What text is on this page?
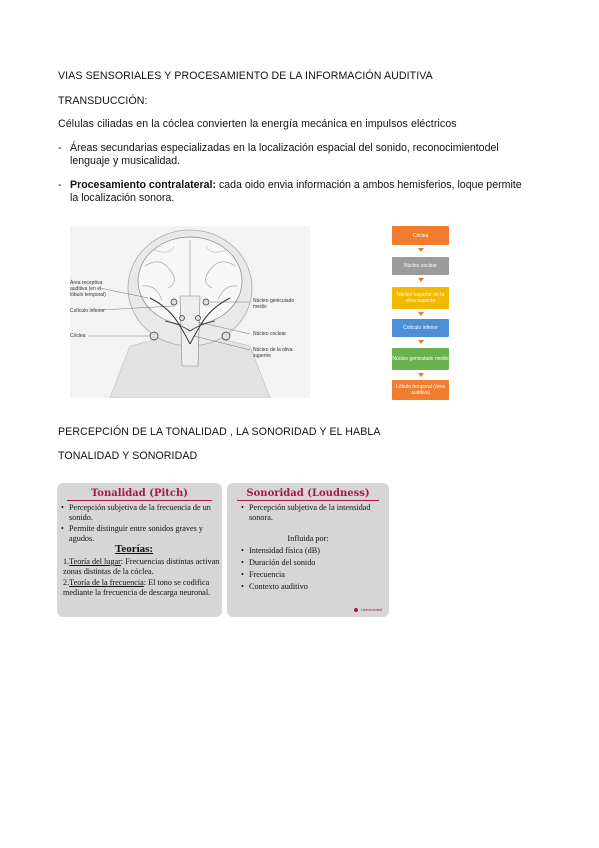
VIAS SENSORIALES Y PROCESAMIENTO DE LA INFORMACIÓN AUDITIVA
TRANSDUCCIÓN:
Células ciliadas en la cóclea convierten la energía mecánica en impulsos eléctricos
- Áreas secundarias especializadas en la localización espacial del sonido, reconocimientodel lenguaje y musicalidad.
- Procesamiento contralateral: cada oido envia información a ambos hemisferios, loque permite la localización sonora.
Área receptiva auditiva (en el lóbulo temporal)
Colículo inferior
Cóclea
Núcleo geniculado medio
Núcleo coclear
Núcleo de la oliva superior
Cóclea
Núcleo coclear
Núcleo superior de la oliva superior
Colículo inferior
Núcleo geniculado medio
Lóbulo temporal (área auditiva)
PERCEPCIÓN DE LA TONALIDAD , LA SONORIDAD Y EL HABLA
TONALIDAD Y SONORIDAD
Tonalidad (Pitch)
• Percepción subjetiva de la frecuencia de un sonido.
• Permite distinguir entre sonidos graves y agudos.
Teorías:
1.Teoría del lugar: Frecuencias distintas activan zonas distintas de la cóclea.
2.Teoría de la frecuencia: El tono se codifica mediante la frecuencia de descarga neuronal.
Sonoridad (Loudness)
• Percepción subjetiva de la intensidad sonora.
Influida por:
• Intensidad física (dB)
• Duración del sonido
• Frecuencia
• Contexto auditivo
Universidad
